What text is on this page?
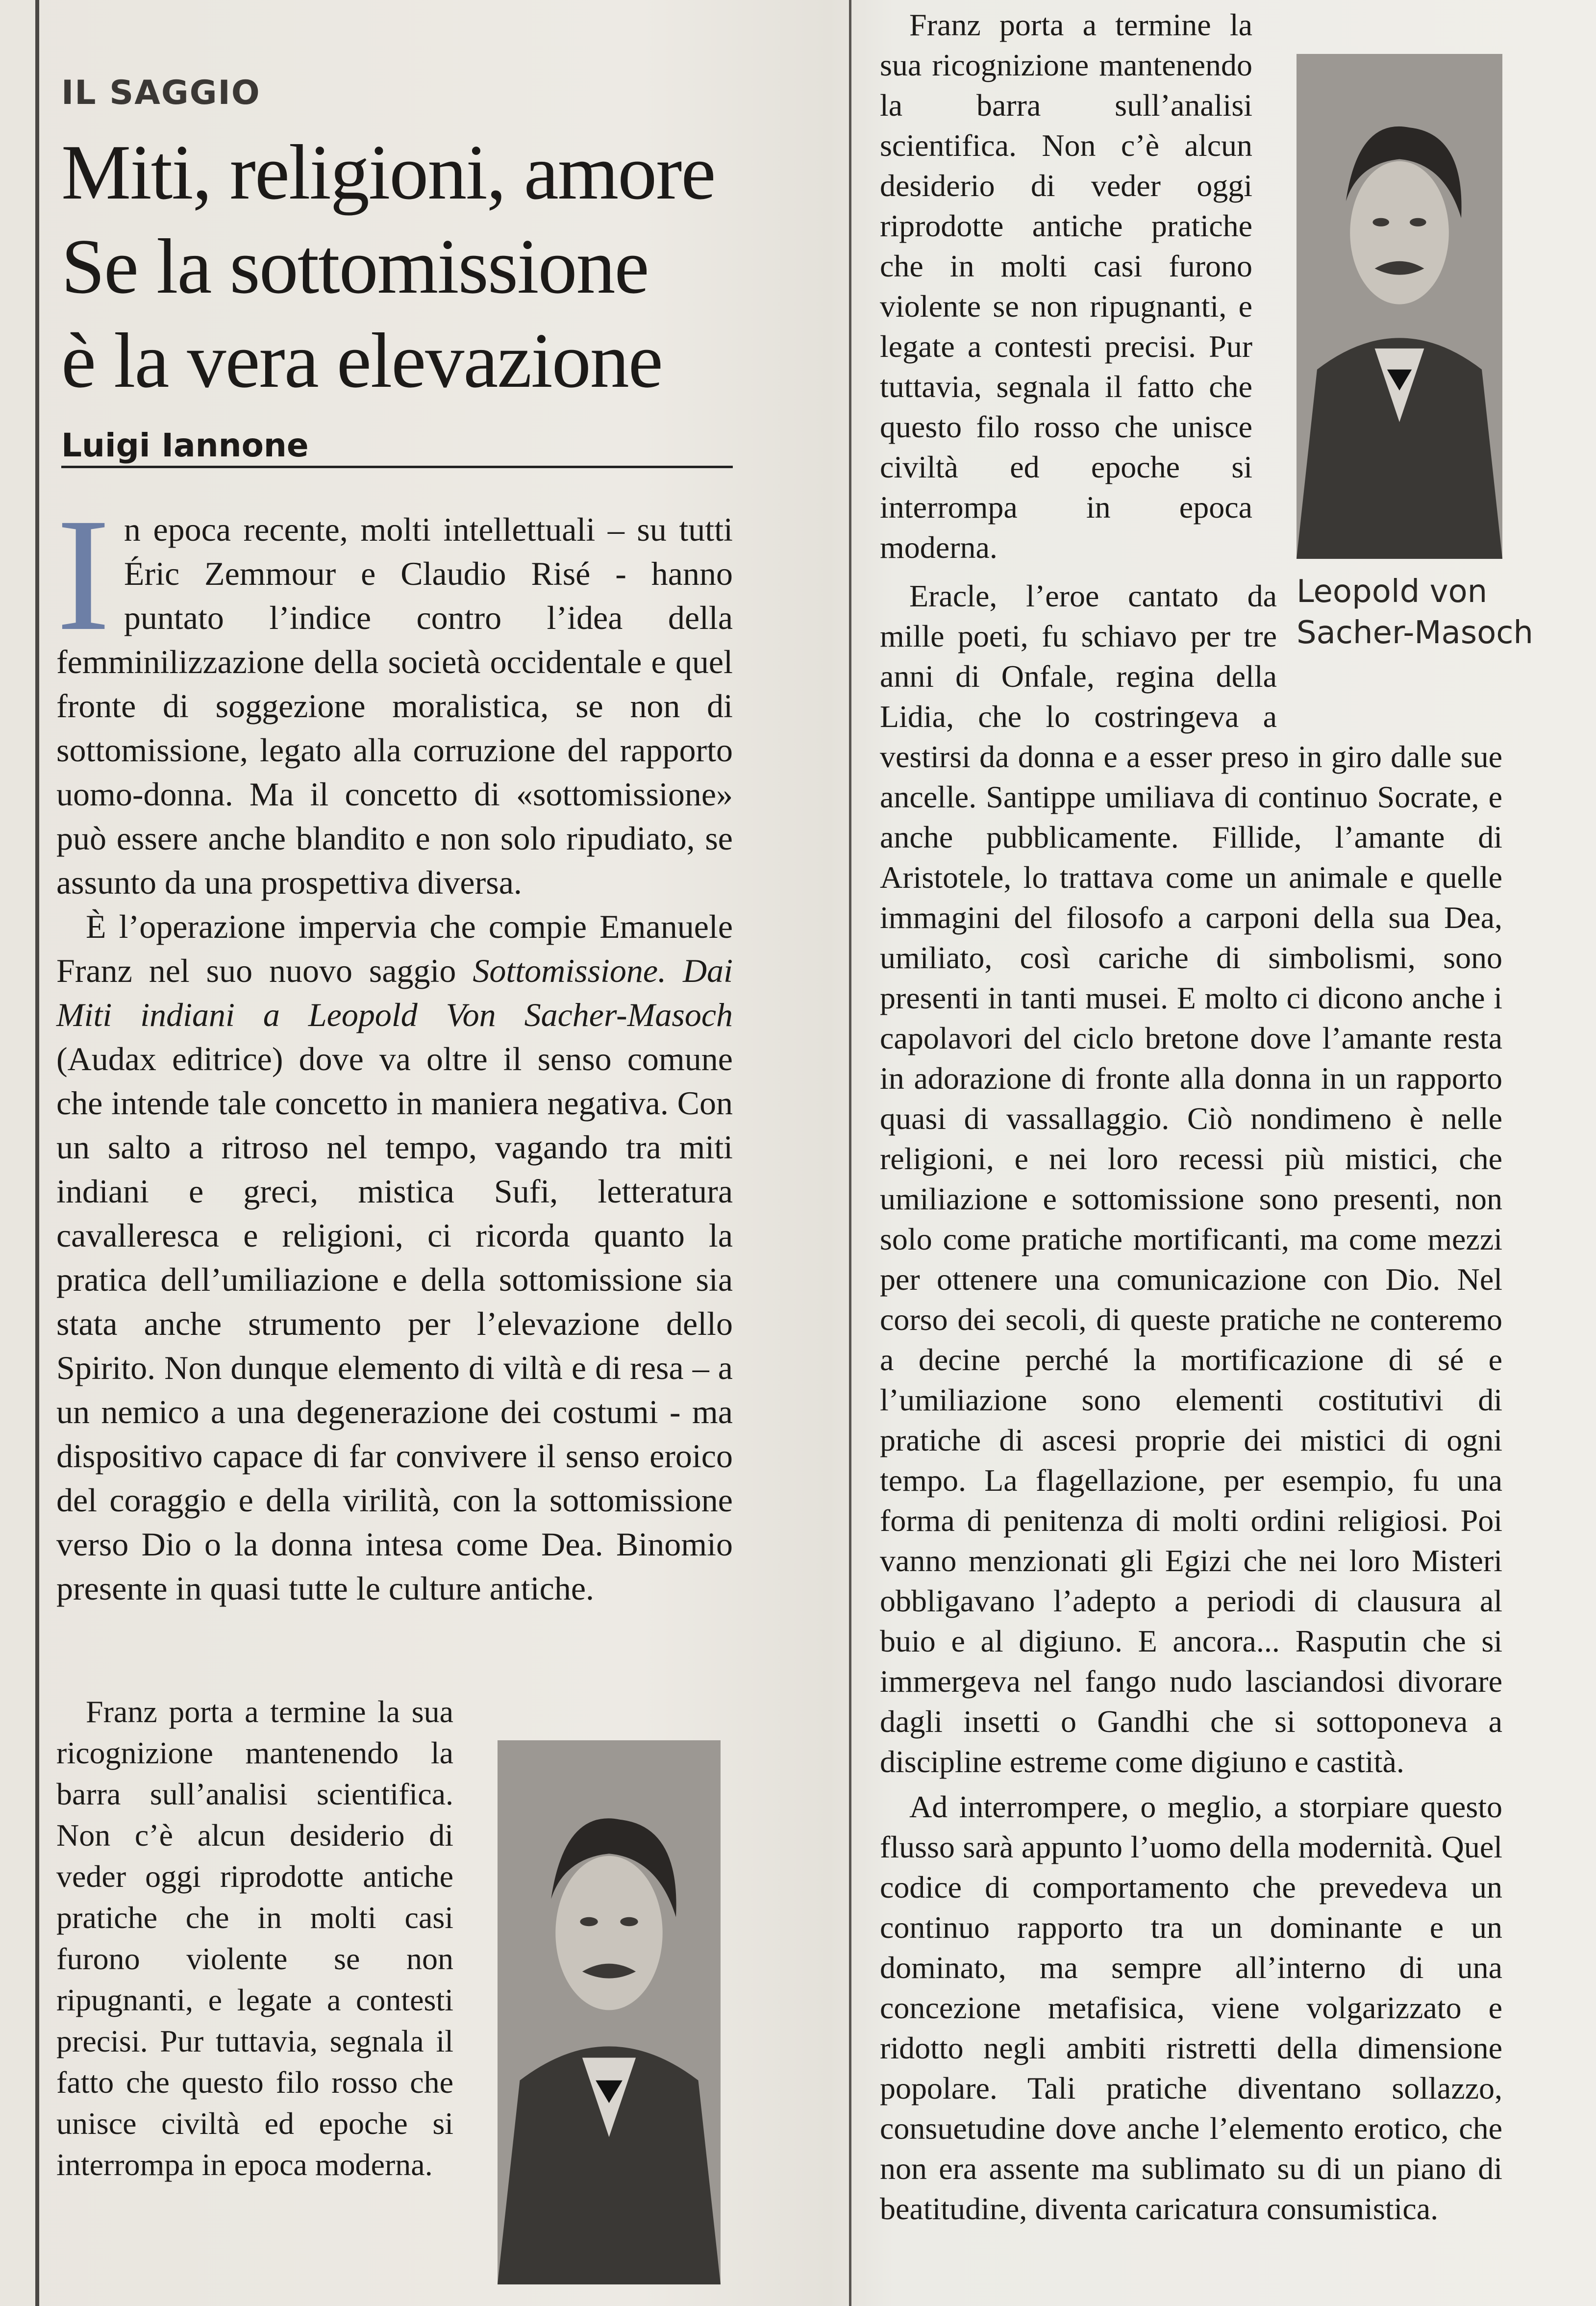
IL SAGGIO
Miti, religioni, amore
Se la sottomissione
è la vera elevazione
Luigi Iannone
I n epoca recente, molti intellettuali – su tutti Éric Zemmour e Claudio Risé - hanno puntato l’indice contro l’idea della femminilizzazione della società occidentale e quel fronte di soggezione moralistica, se non di sottomissione, legato alla corruzione del rapporto uomo-donna. Ma il concetto di «sottomissione» può essere anche blandito e non solo ripudiato, se assunto da una prospettiva diversa.

È l’operazione impervia che compie Emanuele Franz nel suo nuovo saggio Sottomissione. Dai Miti indiani a Leopold Von Sacher-Masoch (Audax editrice) dove va oltre il senso comune che intende tale concetto in maniera negativa. Con un salto a ritroso nel tempo, vagando tra miti indiani e greci, mistica Sufi, letteratura cavalleresca e religioni, ci ricorda quanto la pratica dell’umiliazione e della sottomissione sia stata anche strumento per l’elevazione dello Spirito. Non dunque elemento di viltà e di resa – a un nemico a una degenerazione dei costumi - ma dispositivo capace di far convivere il senso eroico del coraggio e della virilità, con la sottomissione verso Dio o la donna intesa come Dea. Binomio presente in quasi tutte le culture antiche.

Franz porta a termine la sua ricognizione mantenendo la barra sull’analisi scientifica. Non c’è alcun desiderio di veder oggi riprodotte antiche pratiche che in molti casi furono violente se non ripugnanti, e legate a contesti precisi. Pur tuttavia, segnala il fatto che questo filo rosso che unisce civiltà ed epoche si interrompa in epoca moderna.

Franz porta a termine la sua ricognizione mantenendo la barra sull’analisi scientifica. Non c’è alcun desiderio di veder oggi riprodotte antiche pratiche che in molti casi furono violente se non ripugnanti, e legate a contesti precisi. Pur tuttavia, segnala il fatto che questo filo rosso che unisce civiltà ed epoche si interrompa in epoca moderna.

Leopold von
Sacher-Masoch

Eracle, l’eroe cantato da mille poeti, fu schiavo per tre anni di Onfale, regina della Lidia, che lo costringeva a vestirsi da donna e a esser preso in giro dalle sue ancelle. Santippe umiliava di continuo Socrate, e anche pubblicamente. Fillide, l’amante di Aristotele, lo trattava come un animale e quelle immagini del filosofo a carponi della sua Dea, umiliato, così cariche di simbolismi, sono presenti in tanti musei. E molto ci dicono anche i capolavori del ciclo bretone dove l’amante resta in adorazione di fronte alla donna in un rapporto quasi di vassallaggio. Ciò nondimeno è nelle religioni, e nei loro recessi più mistici, che umiliazione e sottomissione sono presenti, non solo come pratiche mortificanti, ma come mezzi per ottenere una comunicazione con Dio. Nel corso dei secoli, di queste pratiche ne conteremo a decine perché la mortificazione di sé e l’umiliazione sono elementi costitutivi di pratiche di ascesi proprie dei mistici di ogni tempo. La flagellazione, per esempio, fu una forma di penitenza di molti ordini religiosi. Poi vanno menzionati gli Egizi che nei loro Misteri obbligavano l’adepto a periodi di clausura al buio e al digiuno. E ancora... Rasputin che si immergeva nel fango nudo lasciandosi divorare dagli insetti o Gandhi che si sottoponeva a discipline estreme come digiuno e castità.

Ad interrompere, o meglio, a storpiare questo flusso sarà appunto l’uomo della modernità. Quel codice di comportamento che prevedeva un continuo rapporto tra un dominante e un dominato, ma sempre all’interno di una concezione metafisica, viene volgarizzato e ridotto negli ambiti ristretti della dimensione popolare. Tali pratiche diventano sollazzo, consuetudine dove anche l’elemento erotico, che non era assente ma sublimato su di un piano di beatitudine, diventa caricatura consumistica.
